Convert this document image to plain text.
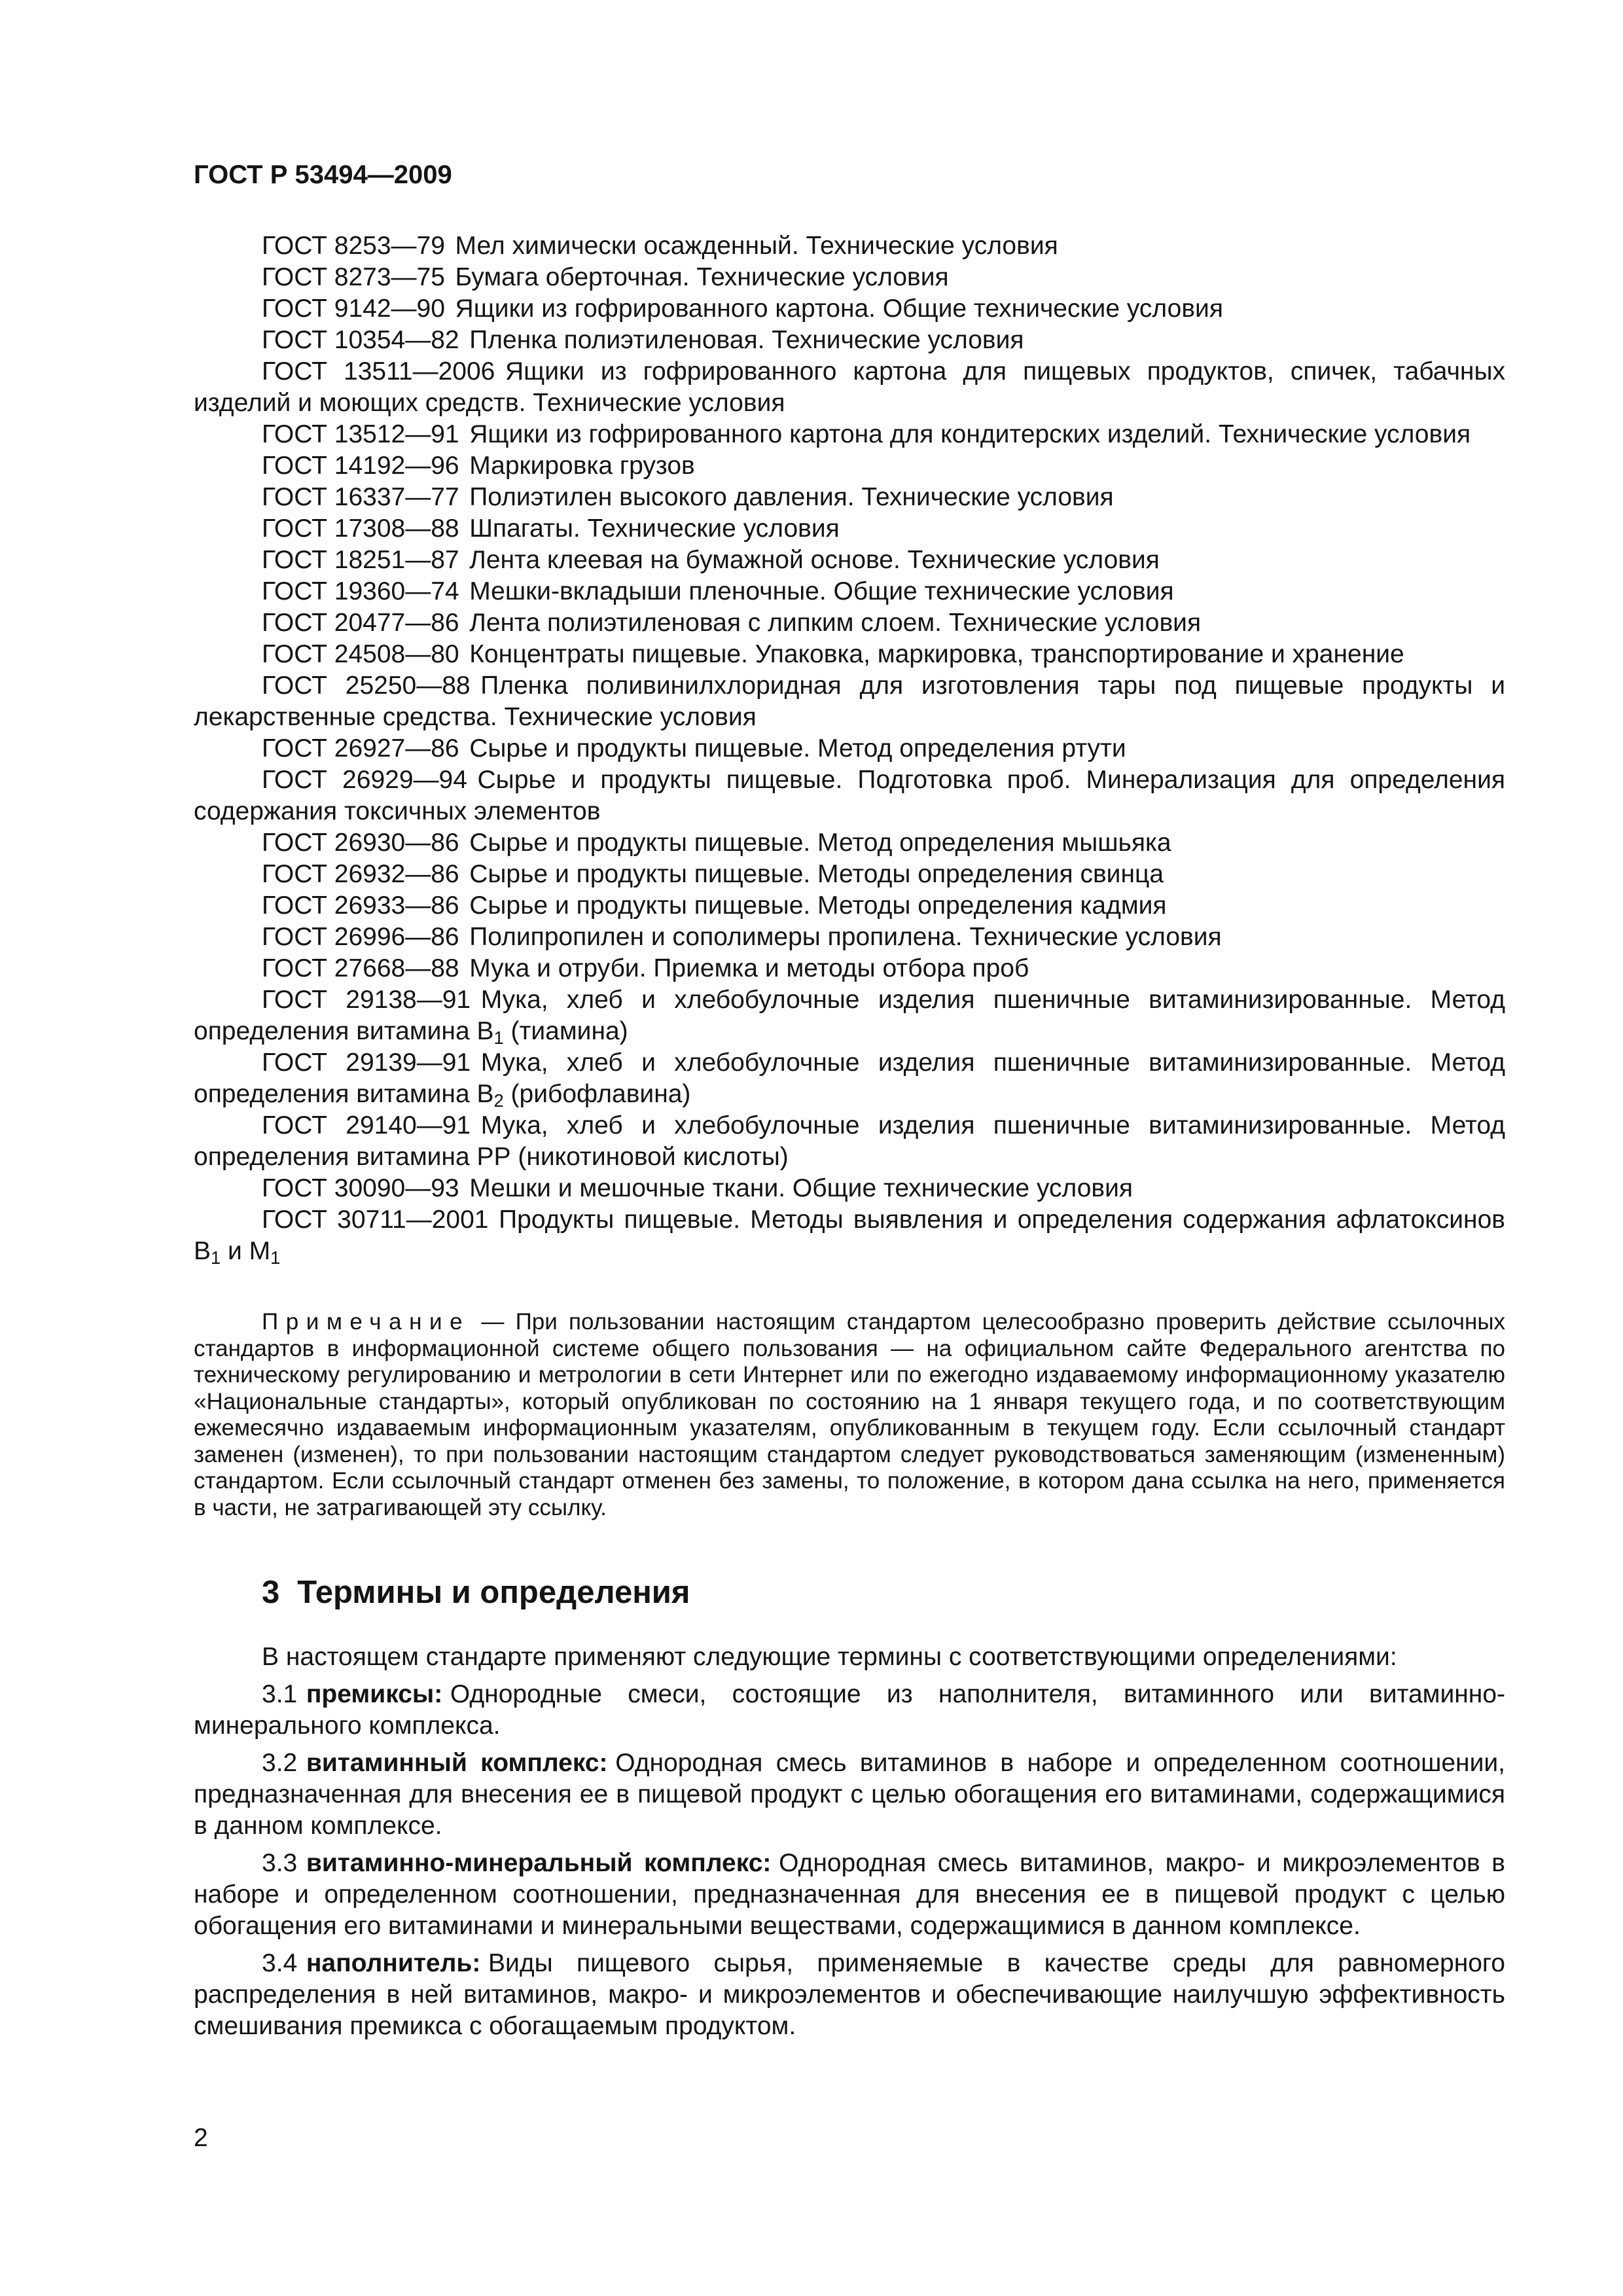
ГОСТ Р 53494—2009

ГОСТ 8253—79 Мел химически осажденный. Технические условия

ГОСТ 8273—75 Бумага оберточная. Технические условия

ГОСТ 9142—90 Ящики из гофрированного картона. Общие технические условия

ГОСТ 10354—82 Пленка полиэтиленовая. Технические условия

ГОСТ 13511—2006 Ящики из гофрированного картона для пищевых продуктов, спичек, табачных изделий и моющих средств. Технические условия

ГОСТ 13512—91 Ящики из гофрированного картона для кондитерских изделий. Технические условия

ГОСТ 14192—96 Маркировка грузов

ГОСТ 16337—77 Полиэтилен высокого давления. Технические условия

ГОСТ 17308—88 Шпагаты. Технические условия

ГОСТ 18251—87 Лента клеевая на бумажной основе. Технические условия

ГОСТ 19360—74 Мешки-вкладыши пленочные. Общие технические условия

ГОСТ 20477—86 Лента полиэтиленовая с липким слоем. Технические условия

ГОСТ 24508—80 Концентраты пищевые. Упаковка, маркировка, транспортирование и хранение

ГОСТ 25250—88 Пленка поливинилхлоридная для изготовления тары под пищевые продукты и лекарственные средства. Технические условия

ГОСТ 26927—86 Сырье и продукты пищевые. Метод определения ртути

ГОСТ 26929—94 Сырье и продукты пищевые. Подготовка проб. Минерализация для определения содержания токсичных элементов

ГОСТ 26930—86 Сырье и продукты пищевые. Метод определения мышьяка

ГОСТ 26932—86 Сырье и продукты пищевые. Методы определения свинца

ГОСТ 26933—86 Сырье и продукты пищевые. Методы определения кадмия

ГОСТ 26996—86 Полипропилен и сополимеры пропилена. Технические условия

ГОСТ 27668—88 Мука и отруби. Приемка и методы отбора проб

ГОСТ 29138—91 Мука, хлеб и хлебобулочные изделия пшеничные витаминизированные. Метод определения витамина $B_1$ (тиамина)

ГОСТ 29139—91 Мука, хлеб и хлебобулочные изделия пшеничные витаминизированные. Метод определения витамина $B_2$ (рибофлавина)

ГОСТ 29140—91 Мука, хлеб и хлебобулочные изделия пшеничные витаминизированные. Метод определения витамина РР (никотиновой кислоты)

ГОСТ 30090—93 Мешки и мешочные ткани. Общие технические условия

ГОСТ 30711—2001 Продукты пищевые. Методы выявления и определения содержания афлатоксинов $B_1$ и $M_1$

Примечание — При пользовании настоящим стандартом целесообразно проверить действие ссылочных стандартов в информационной системе общего пользования — на официальном сайте Федерального агентства по техническому регулированию и метрологии в сети Интернет или по ежегодно издаваемому информационному указателю «Национальные стандарты», который опубликован по состоянию на 1 января текущего года, и по соответствующим ежемесячно издаваемым информационным указателям, опубликованным в текущем году. Если ссылочный стандарт заменен (изменен), то при пользовании настоящим стандартом следует руководствоваться заменяющим (измененным) стандартом. Если ссылочный стандарт отменен без замены, то положение, в котором дана ссылка на него, применяется в части, не затрагивающей эту ссылку.

3 Термины и определения

В настоящем стандарте применяют следующие термины с соответствующими определениями:

3.1 премиксы: Однородные смеси, состоящие из наполнителя, витаминного или витаминно-минерального комплекса.

3.2 витаминный комплекс: Однородная смесь витаминов в наборе и определенном соотношении, предназначенная для внесения ее в пищевой продукт с целью обогащения его витаминами, содержащимися в данном комплексе.

3.3 витаминно-минеральный комплекс: Однородная смесь витаминов, макро- и микроэлементов в наборе и определенном соотношении, предназначенная для внесения ее в пищевой продукт с целью обогащения его витаминами и минеральными веществами, содержащимися в данном комплексе.

3.4 наполнитель: Виды пищевого сырья, применяемые в качестве среды для равномерного распределения в ней витаминов, макро- и микроэлементов и обеспечивающие наилучшую эффективность смешивания премикса с обогащаемым продуктом.

2
